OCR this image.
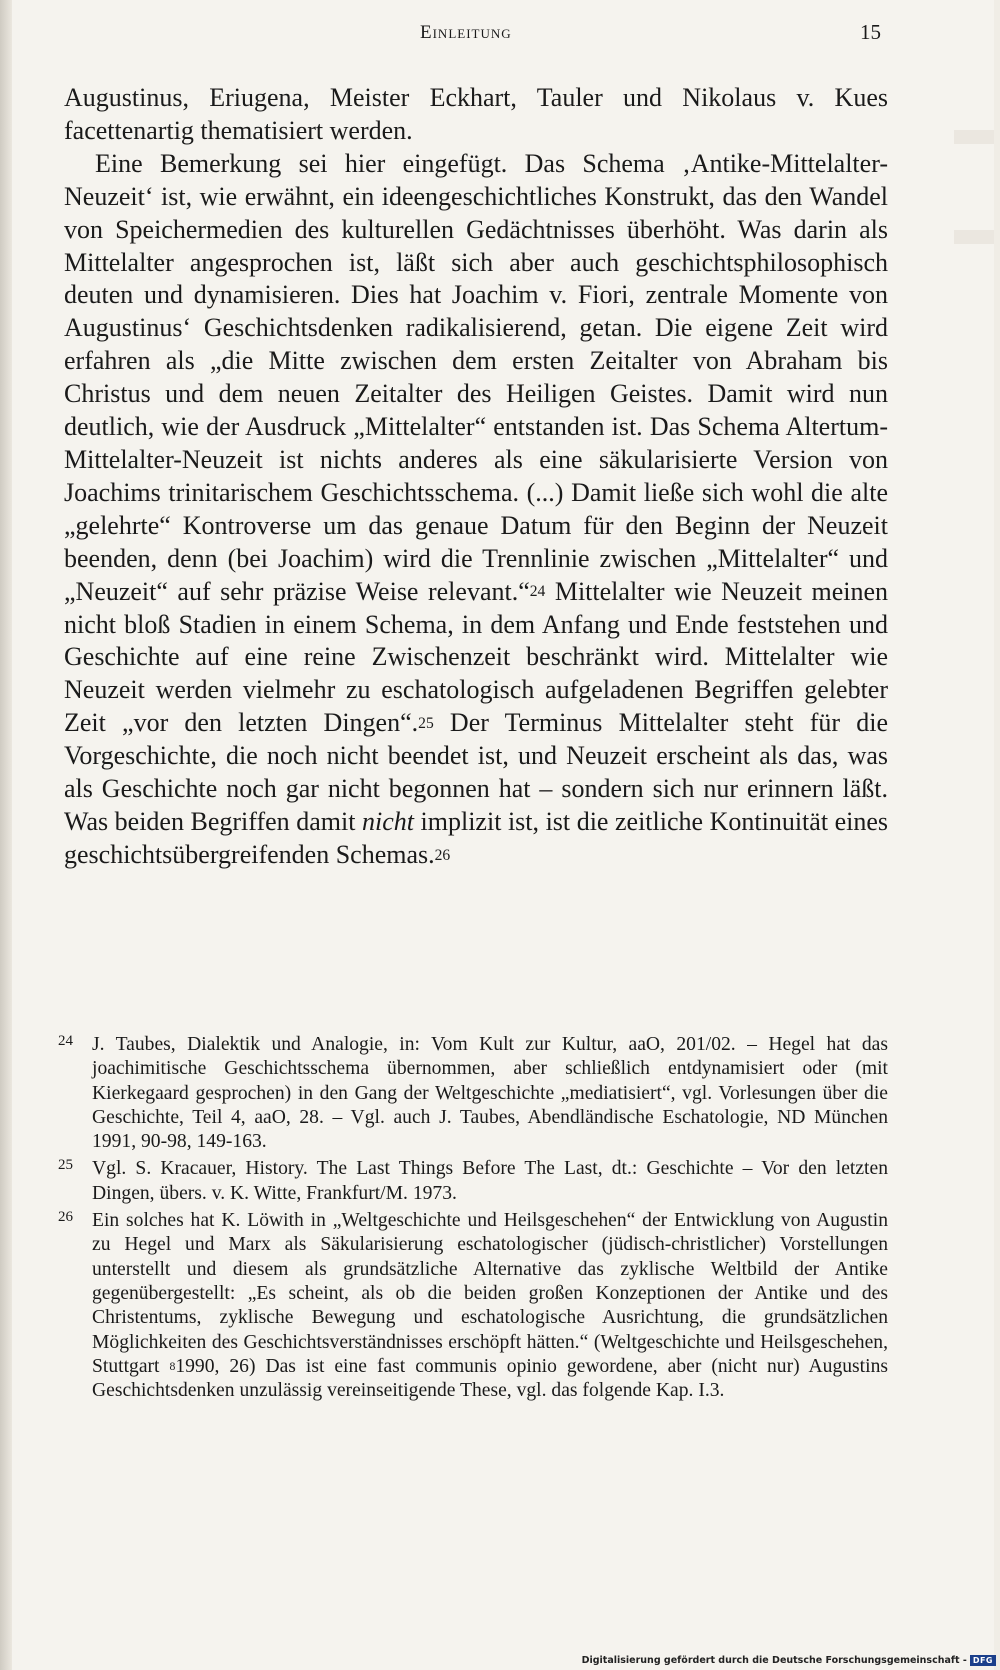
Einleitung	15

Augustinus, Eriugena, Meister Eckhart, Tauler und Nikolaus v. Kues facettenartig thematisiert werden.

Eine Bemerkung sei hier eingefügt. Das Schema ‚Antike-Mittelalter-Neuzeit‘ ist, wie erwähnt, ein ideengeschichtliches Konstrukt, das den Wandel von Speichermedien des kulturellen Gedächtnisses überhöht. Was darin als Mittelalter angesprochen ist, läßt sich aber auch geschichtsphilosophisch deuten und dynamisieren. Dies hat Joachim v. Fiori, zentrale Momente von Augustinus‘ Geschichtsdenken radikalisierend, getan. Die eigene Zeit wird erfahren als „die Mitte zwischen dem ersten Zeitalter von Abraham bis Christus und dem neuen Zeitalter des Heiligen Geistes. Damit wird nun deutlich, wie der Ausdruck „Mittelalter“ entstanden ist. Das Schema Altertum-Mittelalter-Neuzeit ist nichts anderes als eine säkularisierte Version von Joachims trinitarischem Geschichtsschema. (...) Damit ließe sich wohl die alte „gelehrte“ Kontroverse um das genaue Datum für den Beginn der Neuzeit beenden, denn (bei Joachim) wird die Trennlinie zwischen „Mittelalter“ und „Neuzeit“ auf sehr präzise Weise relevant.“$^{24}$ Mittelalter wie Neuzeit meinen nicht bloß Stadien in einem Schema, in dem Anfang und Ende feststehen und Geschichte auf eine reine Zwischenzeit beschränkt wird. Mittelalter wie Neuzeit werden vielmehr zu eschatologisch aufgeladenen Begriffen gelebter Zeit „vor den letzten Dingen“.$^{25}$ Der Terminus Mittelalter steht für die Vorgeschichte, die noch nicht beendet ist, und Neuzeit erscheint als das, was als Geschichte noch gar nicht begonnen hat – sondern sich nur erinnern läßt. Was beiden Begriffen damit nicht implizit ist, ist die zeitliche Kontinuität eines geschichtsübergreifenden Schemas.$^{26}$

24 J. Taubes, Dialektik und Analogie, in: Vom Kult zur Kultur, aaO, 201/02. – Hegel hat das joachimitische Geschichtsschema übernommen, aber schließlich entdynamisiert oder (mit Kierkegaard gesprochen) in den Gang der Weltgeschichte „mediatisiert“, vgl. Vorlesungen über die Geschichte, Teil 4, aaO, 28. – Vgl. auch J. Taubes, Abendländische Eschatologie, ND München 1991, 90-98, 149-163.
25 Vgl. S. Kracauer, History. The Last Things Before The Last, dt.: Geschichte – Vor den letzten Dingen, übers. v. K. Witte, Frankfurt/M. 1973.
26 Ein solches hat K. Löwith in „Weltgeschichte und Heilsgeschehen“ der Entwicklung von Augustin zu Hegel und Marx als Säkularisierung eschatologischer (jüdisch-christlicher) Vorstellungen unterstellt und diesem als grundsätzliche Alternative das zyklische Weltbild der Antike gegenübergestellt: „Es scheint, als ob die beiden großen Konzeptionen der Antike und des Christentums, zyklische Bewegung und eschatologische Ausrichtung, die grundsätzlichen Möglichkeiten des Geschichtsverständnisses erschöpft hätten.“ (Weltgeschichte und Heilsgeschehen, Stuttgart $^8$1990, 26) Das ist eine fast communis opinio gewordene, aber (nicht nur) Augustins Geschichtsdenken unzulässig vereinseitigende These, vgl. das folgende Kap. I.3.
Digitalisierung gefördert durch die Deutsche Forschungsgemeinschaft - DFG
